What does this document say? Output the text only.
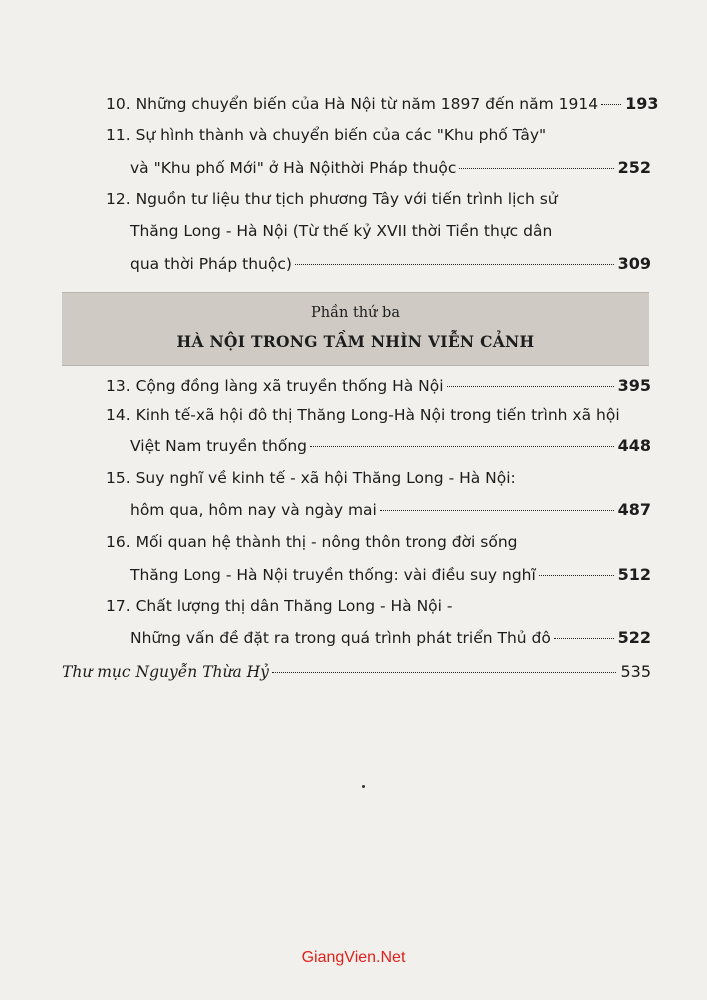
10. Những chuyển biến của Hà Nội từ năm 1897 đến năm 1914 193
11. Sự hình thành và chuyển biến của các "Khu phố Tây"
và "Khu phố Mới" ở Hà Nộithời Pháp thuộc	252
12. Nguồn tư liệu thư tịch phương Tây với tiến trình lịch sử
Thăng Long - Hà Nội (Từ thế kỷ XVII thời Tiền thực dân
qua thời Pháp thuộc)	309
Phần thứ ba
HÀ NỘI TRONG TẦM NHÌN VIỄN CẢNH
13. Cộng đồng làng xã truyền thống Hà Nội	395
14. Kinh tế-xã hội đô thị Thăng Long-Hà Nội trong tiến trình xã hội
Việt Nam truyền thống	448
15. Suy nghĩ về kinh tế - xã hội Thăng Long - Hà Nội:
hôm qua, hôm nay và ngày mai	487
16. Mối quan hệ thành thị - nông thôn trong đời sống
Thăng Long - Hà Nội truyền thống: vài điều suy nghĩ	512
17. Chất lượng thị dân Thăng Long - Hà Nội -
Những vấn đề đặt ra trong quá trình phát triển Thủ đô	522
Thư mục Nguyễn Thừa Hỷ	535
GiangVien.Net
